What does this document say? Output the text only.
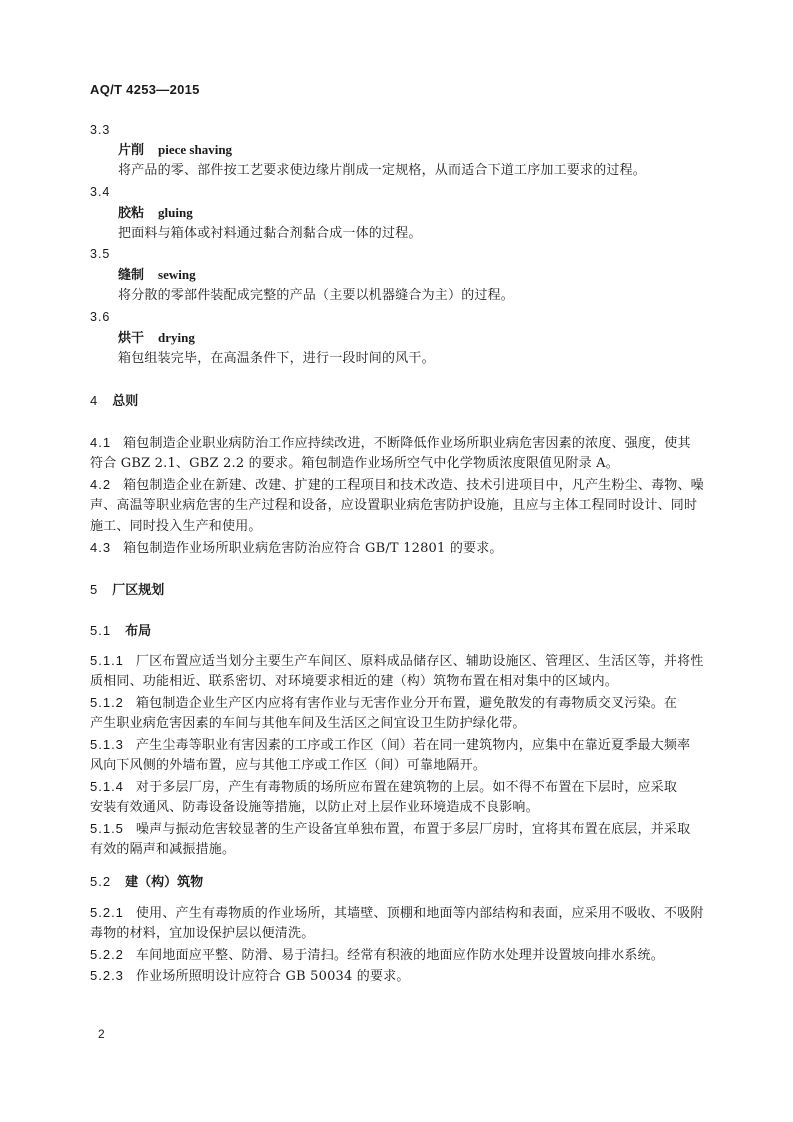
AQ/T 4253—2015
3.3
片削 piece shaving
将产品的零、部件按工艺要求使边缘片削成一定规格，从而适合下道工序加工要求的过程。
3.4
胶粘 gluing
把面料与箱体或衬料通过黏合剂黏合成一体的过程。
3.5
缝制 sewing
将分散的零部件装配成完整的产品（主要以机器缝合为主）的过程。
3.6
烘干 drying
箱包组装完毕，在高温条件下，进行一段时间的风干。
4 总则
4.1 箱包制造企业职业病防治工作应持续改进，不断降低作业场所职业病危害因素的浓度、强度，使其
符合 GBZ 2.1、GBZ 2.2 的要求。箱包制造作业场所空气中化学物质浓度限值见附录 A。
4.2 箱包制造企业在新建、改建、扩建的工程项目和技术改造、技术引进项目中，凡产生粉尘、毒物、噪
声、高温等职业病危害的生产过程和设备，应设置职业病危害防护设施，且应与主体工程同时设计、同时
施工、同时投入生产和使用。
4.3 箱包制造作业场所职业病危害防治应符合 GB/T 12801 的要求。
5 厂区规划
5.1 布局
5.1.1 厂区布置应适当划分主要生产车间区、原料成品储存区、辅助设施区、管理区、生活区等，并将性
质相同、功能相近、联系密切、对环境要求相近的建（构）筑物布置在相对集中的区域内。
5.1.2 箱包制造企业生产区内应将有害作业与无害作业分开布置，避免散发的有毒物质交叉污染。在
产生职业病危害因素的车间与其他车间及生活区之间宜设卫生防护绿化带。
5.1.3 产生尘毒等职业有害因素的工序或工作区（间）若在同一建筑物内，应集中在靠近夏季最大频率
风向下风侧的外墙布置，应与其他工序或工作区（间）可靠地隔开。
5.1.4 对于多层厂房，产生有毒物质的场所应布置在建筑物的上层。如不得不布置在下层时，应采取
安装有效通风、防毒设备设施等措施，以防止对上层作业环境造成不良影响。
5.1.5 噪声与振动危害较显著的生产设备宜单独布置，布置于多层厂房时，宜将其布置在底层，并采取
有效的隔声和减振措施。
5.2 建（构）筑物
5.2.1 使用、产生有毒物质的作业场所，其墙壁、顶棚和地面等内部结构和表面，应采用不吸收、不吸附
毒物的材料，宜加设保护层以便清洗。
5.2.2 车间地面应平整、防滑、易于清扫。经常有积液的地面应作防水处理并设置坡向排水系统。
5.2.3 作业场所照明设计应符合 GB 50034 的要求。
2
